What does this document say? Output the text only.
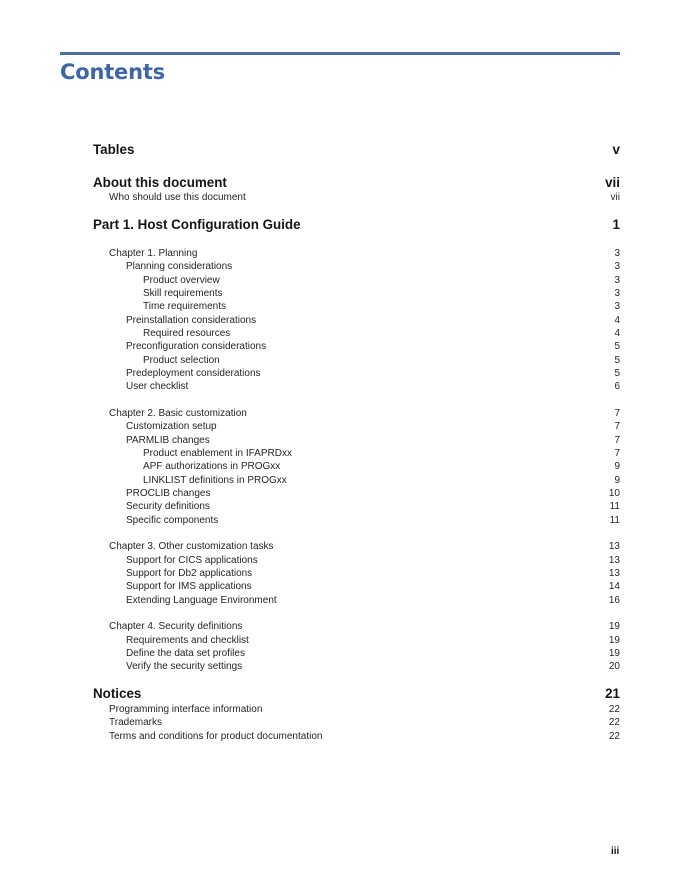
Contents
Tables	v
About this document	vii
Who should use this document	vii
Part 1. Host Configuration Guide	1
Chapter 1. Planning	3
Planning considerations	3
Product overview	3
Skill requirements	3
Time requirements	3
Preinstallation considerations	4
Required resources	4
Preconfiguration considerations	5
Product selection	5
Predeployment considerations	5
User checklist	6
Chapter 2. Basic customization	7
Customization setup	7
PARMLIB changes	7
Product enablement in IFAPRDxx	7
APF authorizations in PROGxx	9
LINKLIST definitions in PROGxx	9
PROCLIB changes	10
Security definitions	11
Specific components	11
Chapter 3. Other customization tasks	13
Support for CICS applications	13
Support for Db2 applications	13
Support for IMS applications	14
Extending Language Environment	16
Chapter 4. Security definitions	19
Requirements and checklist	19
Define the data set profiles	19
Verify the security settings	20
Notices	21
Programming interface information	22
Trademarks	22
Terms and conditions for product documentation	22
iii
